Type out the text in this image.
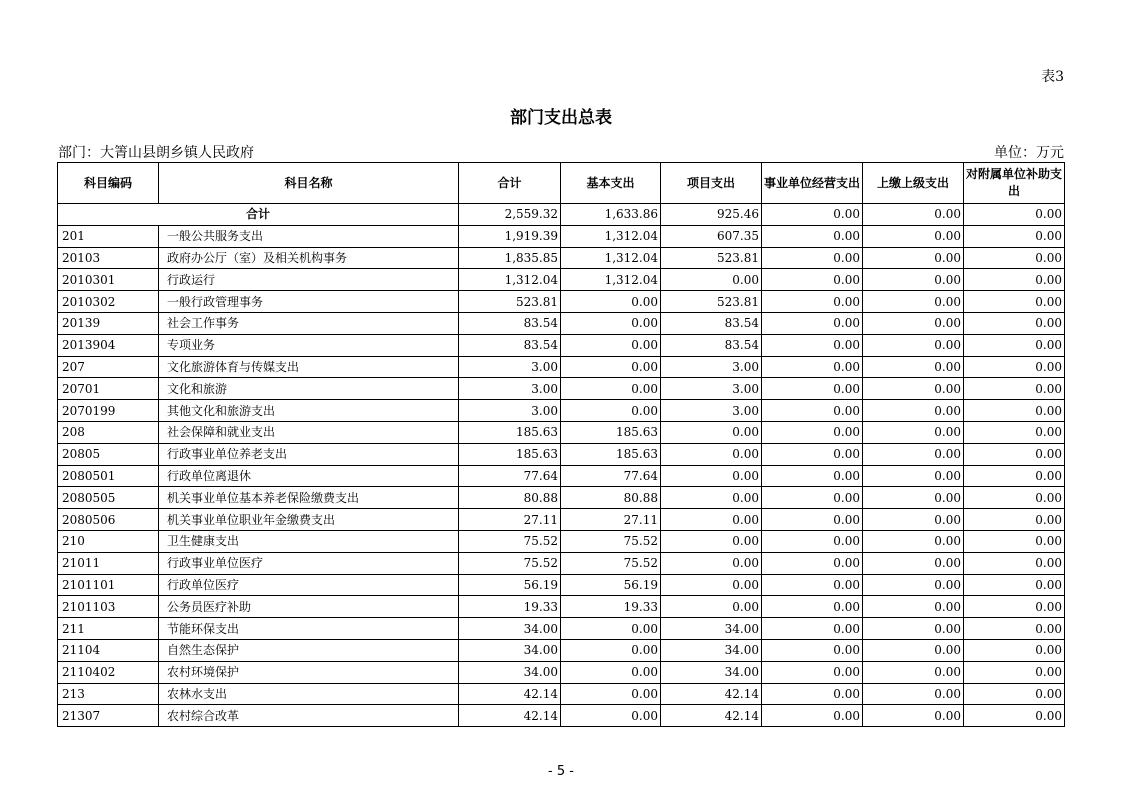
表3
部门支出总表
部门：大箐山县朗乡镇人民政府	单位：万元
科目编码	科目名称	合计	基本支出	项目支出	事业单位经营支出	上缴上级支出	对附属单位补助支出
合计		2,559.32	1,633.86	925.46	0.00	0.00	0.00
201	一般公共服务支出	1,919.39	1,312.04	607.35	0.00	0.00	0.00
20103	政府办公厅（室）及相关机构事务	1,835.85	1,312.04	523.81	0.00	0.00	0.00
2010301	行政运行	1,312.04	1,312.04	0.00	0.00	0.00	0.00
2010302	一般行政管理事务	523.81	0.00	523.81	0.00	0.00	0.00
20139	社会工作事务	83.54	0.00	83.54	0.00	0.00	0.00
2013904	专项业务	83.54	0.00	83.54	0.00	0.00	0.00
207	文化旅游体育与传媒支出	3.00	0.00	3.00	0.00	0.00	0.00
20701	文化和旅游	3.00	0.00	3.00	0.00	0.00	0.00
2070199	其他文化和旅游支出	3.00	0.00	3.00	0.00	0.00	0.00
208	社会保障和就业支出	185.63	185.63	0.00	0.00	0.00	0.00
20805	行政事业单位养老支出	185.63	185.63	0.00	0.00	0.00	0.00
2080501	行政单位离退休	77.64	77.64	0.00	0.00	0.00	0.00
2080505	机关事业单位基本养老保险缴费支出	80.88	80.88	0.00	0.00	0.00	0.00
2080506	机关事业单位职业年金缴费支出	27.11	27.11	0.00	0.00	0.00	0.00
210	卫生健康支出	75.52	75.52	0.00	0.00	0.00	0.00
21011	行政事业单位医疗	75.52	75.52	0.00	0.00	0.00	0.00
2101101	行政单位医疗	56.19	56.19	0.00	0.00	0.00	0.00
2101103	公务员医疗补助	19.33	19.33	0.00	0.00	0.00	0.00
211	节能环保支出	34.00	0.00	34.00	0.00	0.00	0.00
21104	自然生态保护	34.00	0.00	34.00	0.00	0.00	0.00
2110402	农村环境保护	34.00	0.00	34.00	0.00	0.00	0.00
213	农林水支出	42.14	0.00	42.14	0.00	0.00	0.00
21307	农村综合改革	42.14	0.00	42.14	0.00	0.00	0.00
- 5 -
